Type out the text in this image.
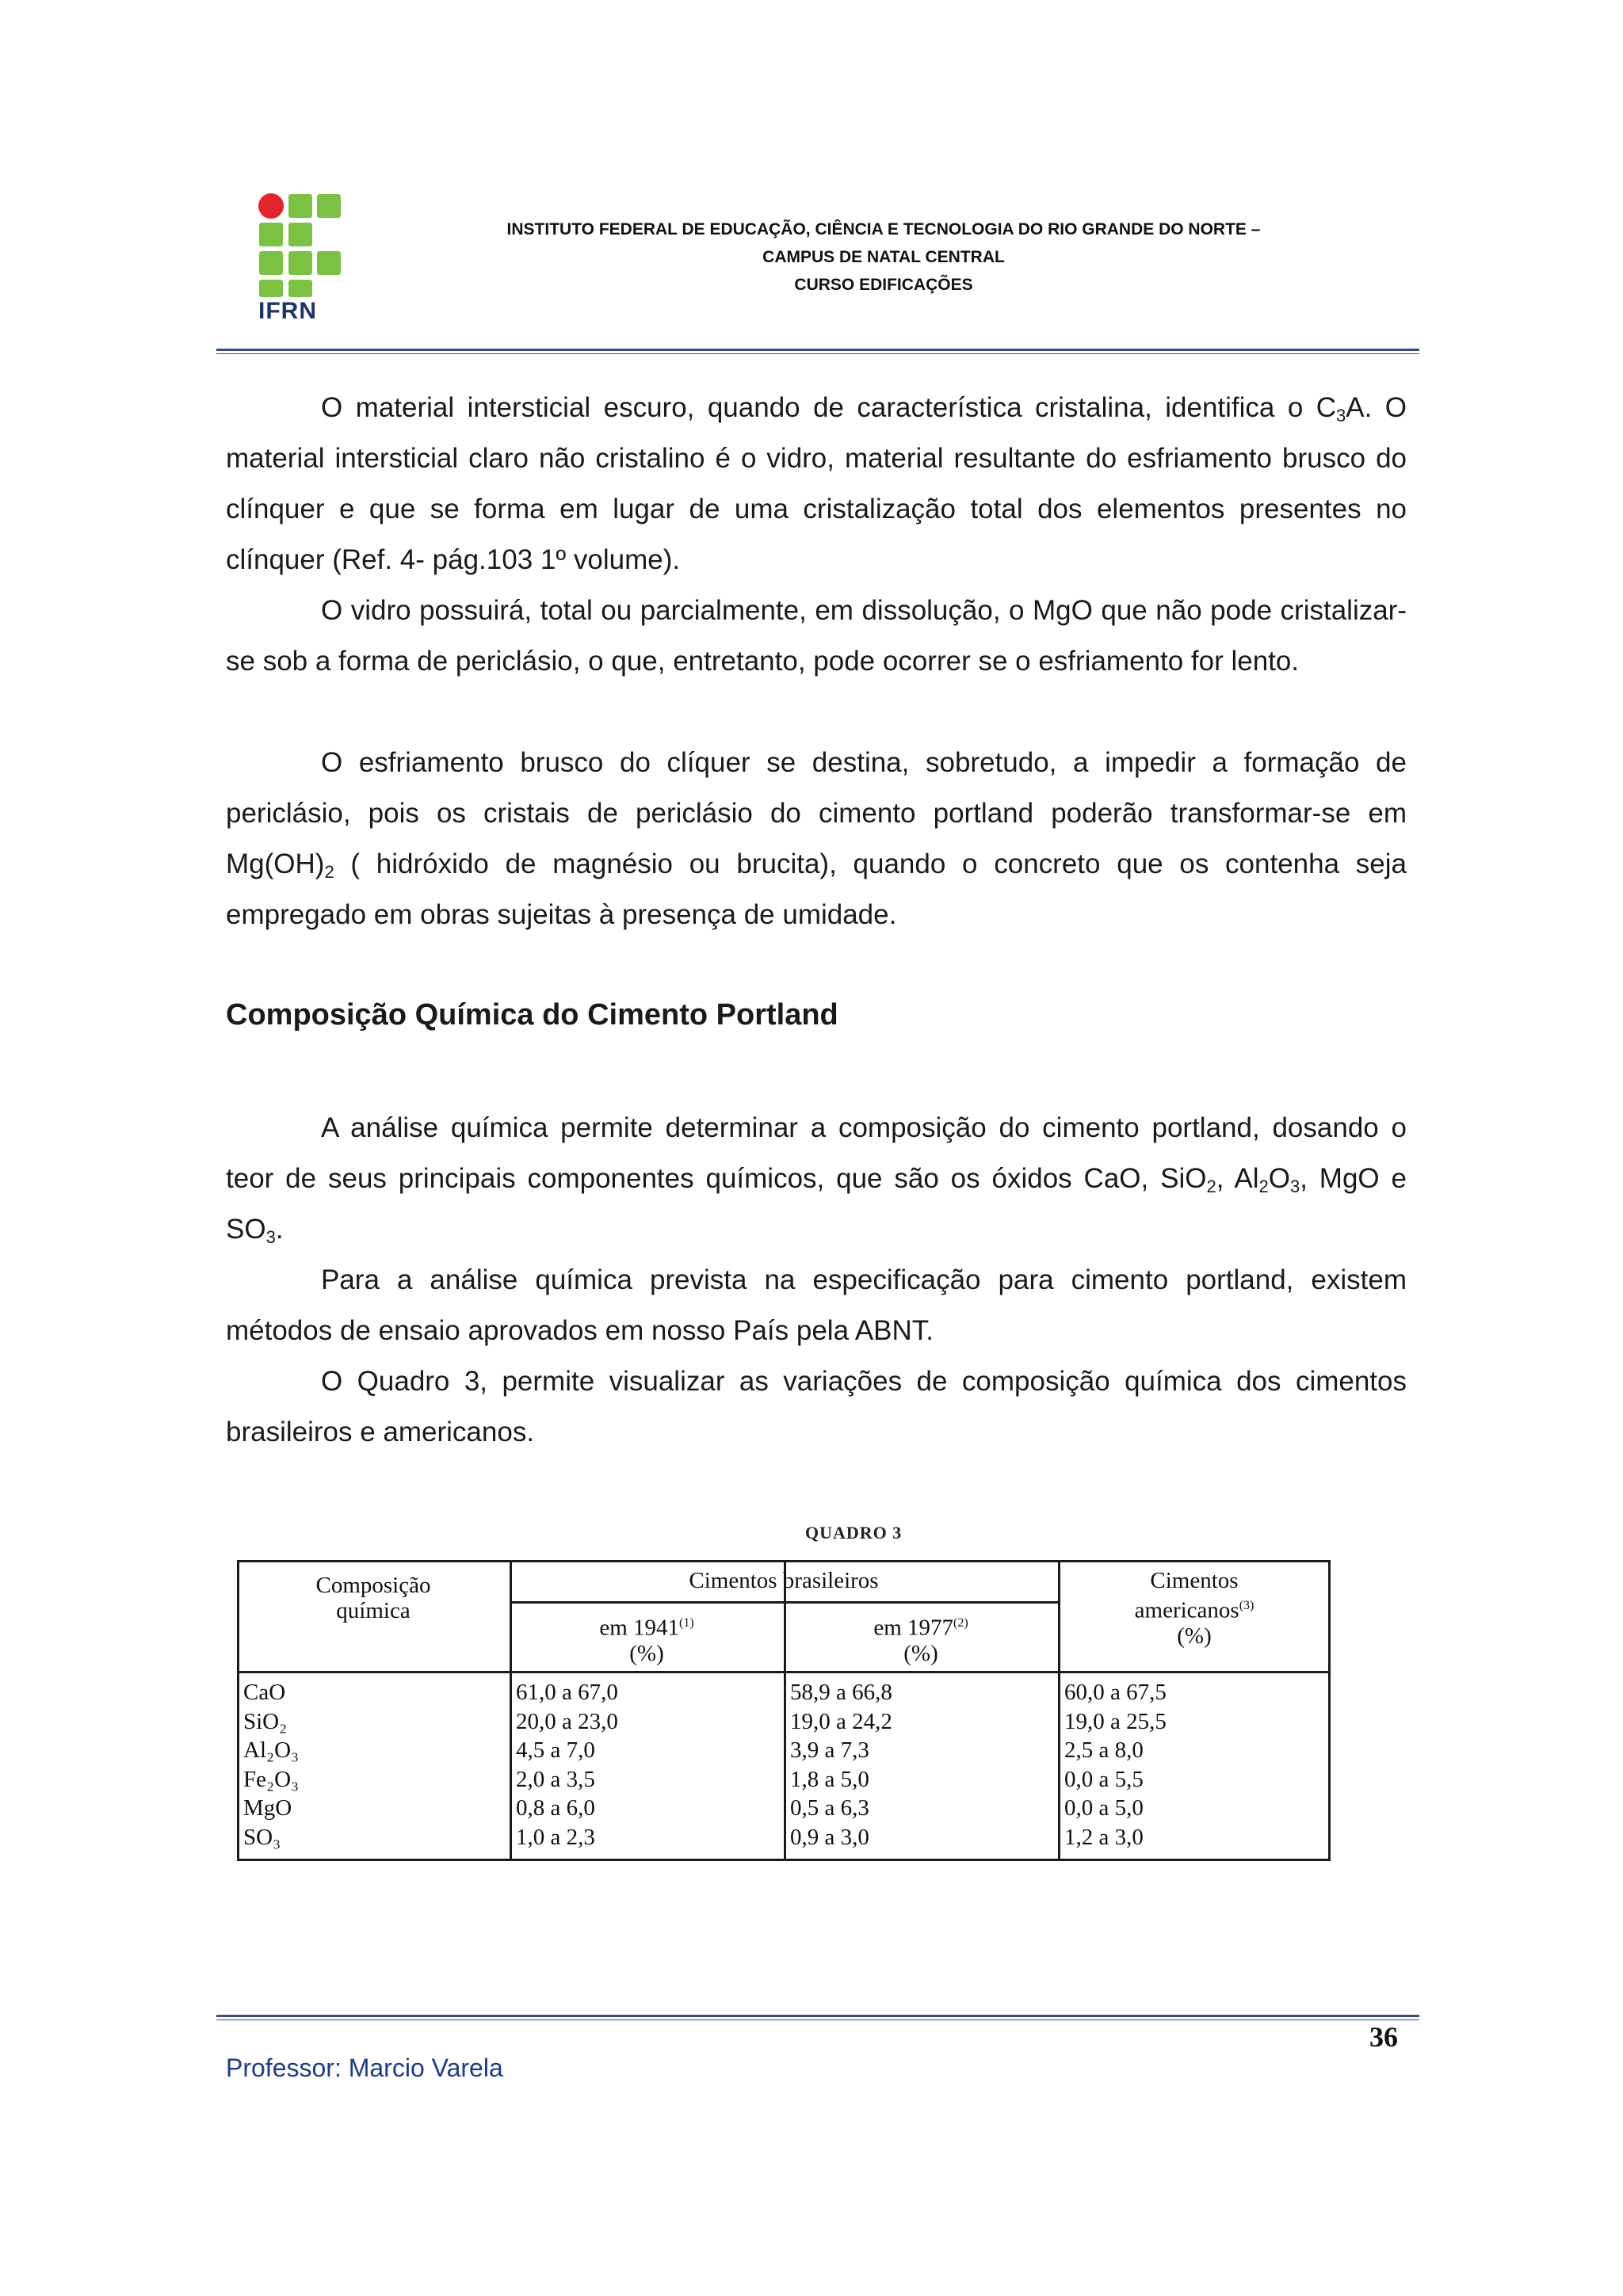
IFRN
INSTITUTO FEDERAL DE EDUCAÇÃO, CIÊNCIA E TECNOLOGIA DO RIO GRANDE DO NORTE –
CAMPUS DE NATAL CENTRAL
CURSO EDIFICAÇÕES
O material intersticial escuro, quando de característica cristalina, identifica o $C_3A$. O material intersticial claro não cristalino é o vidro, material resultante do esfriamento brusco do clínquer e que se forma em lugar de uma cristalização total dos elementos presentes no clínquer (Ref. 4- pág.103 1º volume).
O vidro possuirá, total ou parcialmente, em dissolução, o MgO que não pode cristalizar-se sob a forma de periclásio, o que, entretanto, pode ocorrer se o esfriamento for lento.
O esfriamento brusco do clíquer se destina, sobretudo, a impedir a formação de periclásio, pois os cristais de periclásio do cimento portland poderão transformar-se em $Mg(OH)_2$ ( hidróxido de magnésio ou brucita), quando o concreto que os contenha seja empregado em obras sujeitas à presença de umidade.
Composição Química do Cimento Portland
A análise química permite determinar a composição do cimento portland, dosando o teor de seus principais componentes químicos, que são os óxidos CaO, SiO$_2$, $Al_2O_3$, MgO e $SO_3$.
Para a análise química prevista na especificação para cimento portland, existem métodos de ensaio aprovados em nosso País pela ABNT.
O Quadro 3, permite visualizar as variações de composição química dos cimentos brasileiros e americanos.
QUADRO 3
Composição
química
Cimentos brasileiros
em 1941$^{(1)}$
(%)
em 1977$^{(2)}$
(%)
Cimentos
americanos$^{(3)}$
(%)
CaO
SiO₂
Al₂O₃
Fe₂O₃
MgO
SO₃
61,0 a 67,0
20,0 a 23,0
4,5 a 7,0
2,0 a 3,5
0,8 a 6,0
1,0 a 2,3
58,9 a 66,8
19,0 a 24,2
3,9 a 7,3
1,8 a 5,0
0,5 a 6,3
0,9 a 3,0
60,0 a 67,5
19,0 a 25,5
2,5 a 8,0
0,0 a 5,5
0,0 a 5,0
1,2 a 3,0
36
Professor: Marcio Varela
